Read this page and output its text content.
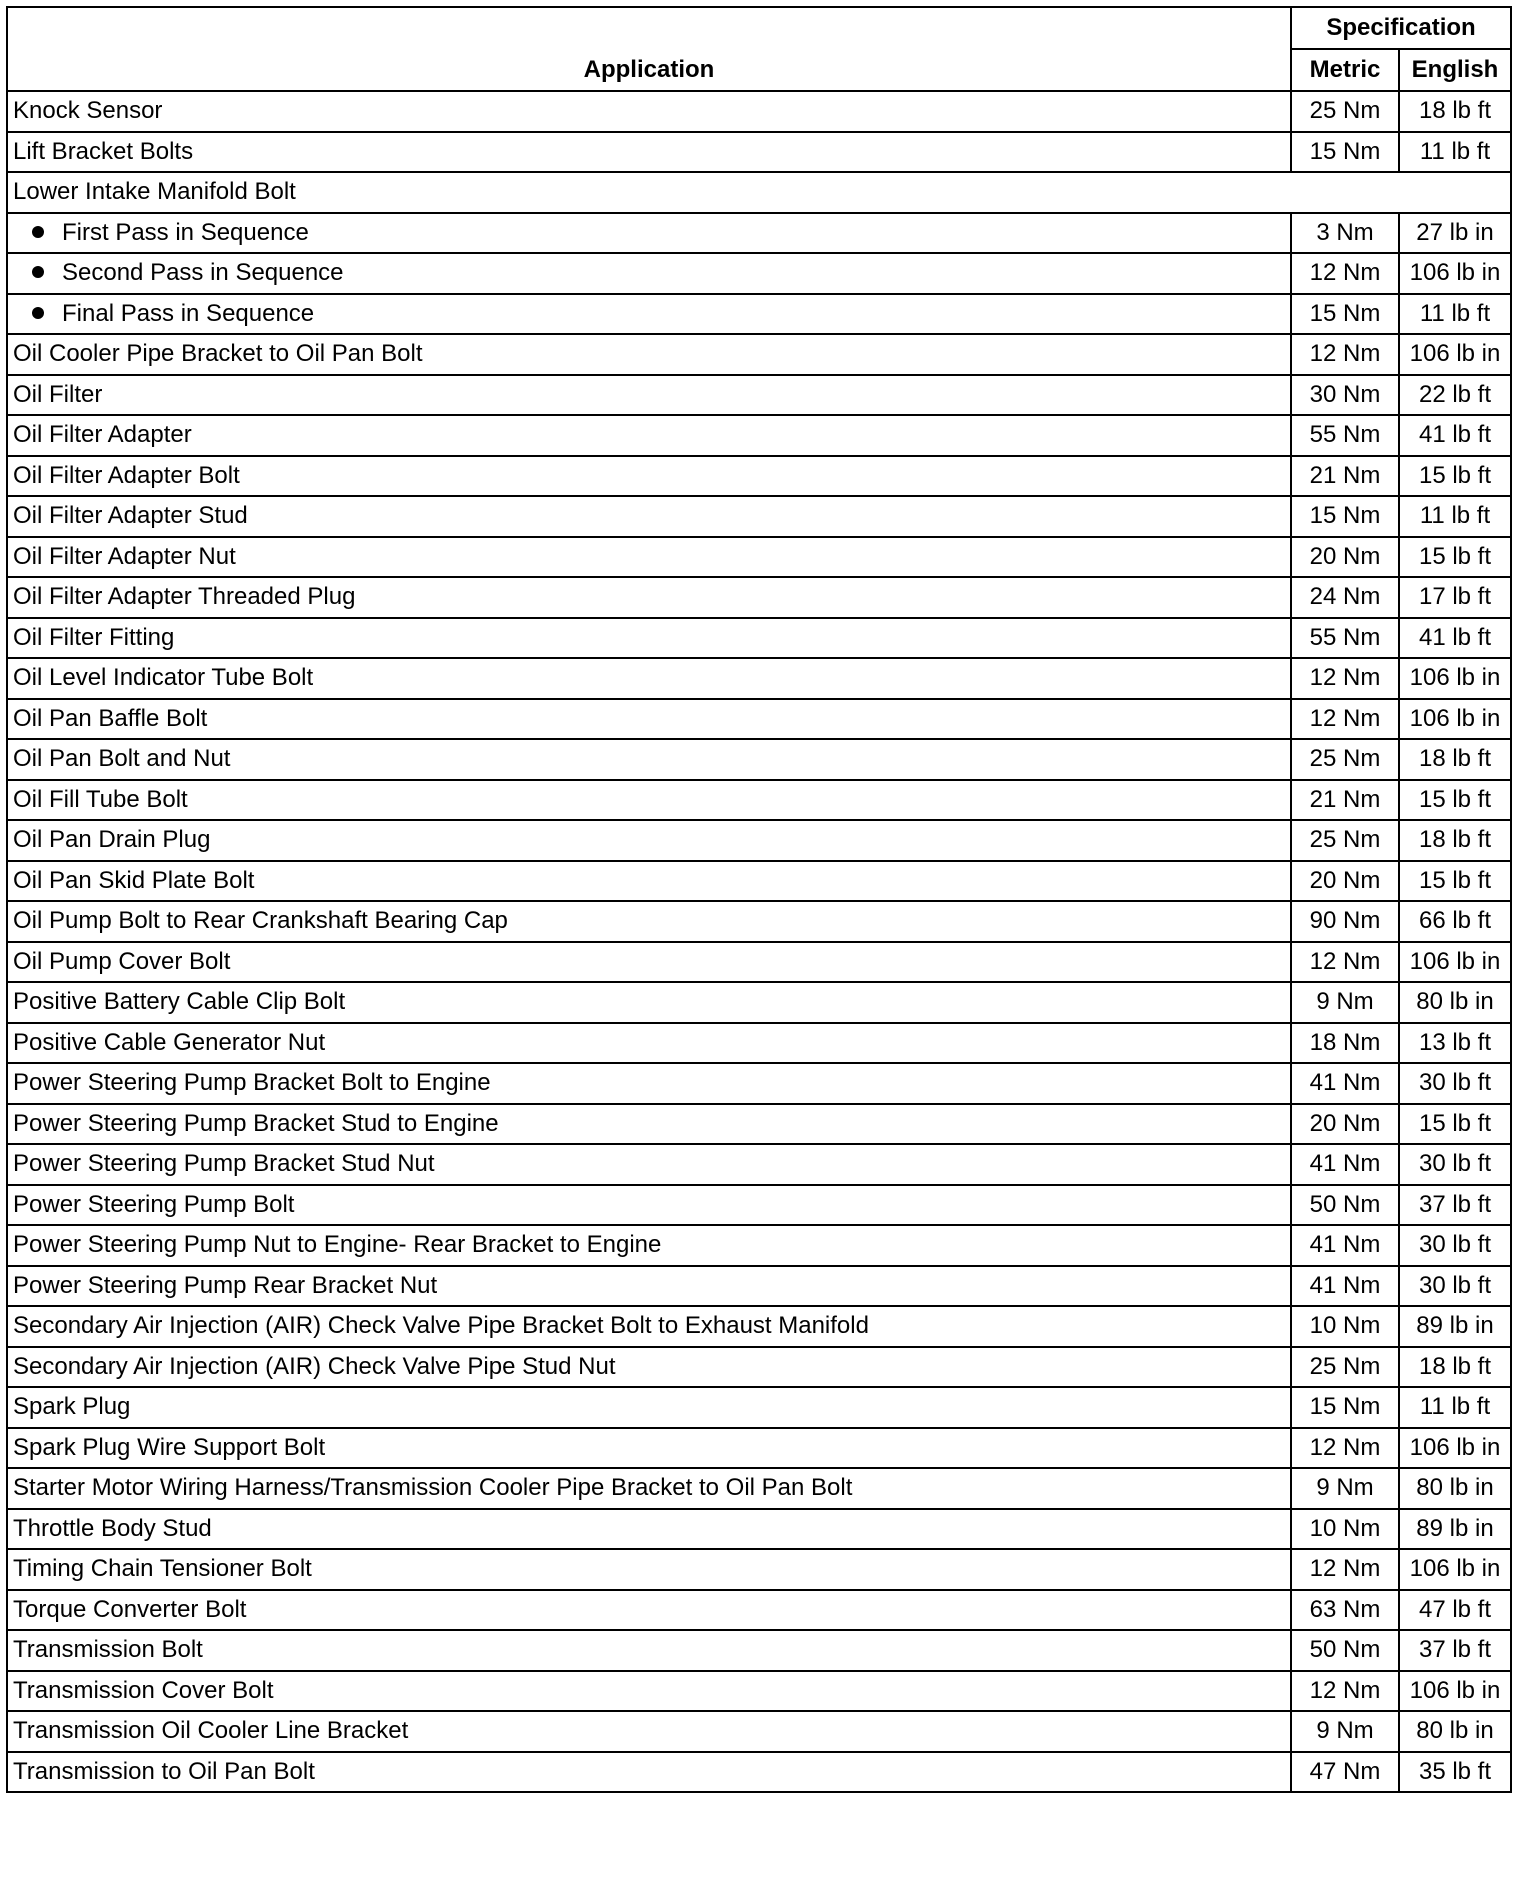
Application	Specification	
	Metric	English
Knock Sensor	25 Nm	18 lb ft
Lift Bracket Bolts	15 Nm	11 lb ft
Lower Intake Manifold Bolt		
First Pass in Sequence	3 Nm	27 lb in
Second Pass in Sequence	12 Nm	106 lb in
Final Pass in Sequence	15 Nm	11 lb ft
Oil Cooler Pipe Bracket to Oil Pan Bolt	12 Nm	106 lb in
Oil Filter	30 Nm	22 lb ft
Oil Filter Adapter	55 Nm	41 lb ft
Oil Filter Adapter Bolt	21 Nm	15 lb ft
Oil Filter Adapter Stud	15 Nm	11 lb ft
Oil Filter Adapter Nut	20 Nm	15 lb ft
Oil Filter Adapter Threaded Plug	24 Nm	17 lb ft
Oil Filter Fitting	55 Nm	41 lb ft
Oil Level Indicator Tube Bolt	12 Nm	106 lb in
Oil Pan Baffle Bolt	12 Nm	106 lb in
Oil Pan Bolt and Nut	25 Nm	18 lb ft
Oil Fill Tube Bolt	21 Nm	15 lb ft
Oil Pan Drain Plug	25 Nm	18 lb ft
Oil Pan Skid Plate Bolt	20 Nm	15 lb ft
Oil Pump Bolt to Rear Crankshaft Bearing Cap	90 Nm	66 lb ft
Oil Pump Cover Bolt	12 Nm	106 lb in
Positive Battery Cable Clip Bolt	9 Nm	80 lb in
Positive Cable Generator Nut	18 Nm	13 lb ft
Power Steering Pump Bracket Bolt to Engine	41 Nm	30 lb ft
Power Steering Pump Bracket Stud to Engine	20 Nm	15 lb ft
Power Steering Pump Bracket Stud Nut	41 Nm	30 lb ft
Power Steering Pump Bolt	50 Nm	37 lb ft
Power Steering Pump Nut to Engine- Rear Bracket to Engine	41 Nm	30 lb ft
Power Steering Pump Rear Bracket Nut	41 Nm	30 lb ft
Secondary Air Injection (AIR) Check Valve Pipe Bracket Bolt to Exhaust Manifold	10 Nm	89 lb in
Secondary Air Injection (AIR) Check Valve Pipe Stud Nut	25 Nm	18 lb ft
Spark Plug	15 Nm	11 lb ft
Spark Plug Wire Support Bolt	12 Nm	106 lb in
Starter Motor Wiring Harness/Transmission Cooler Pipe Bracket to Oil Pan Bolt	9 Nm	80 lb in
Throttle Body Stud	10 Nm	89 lb in
Timing Chain Tensioner Bolt	12 Nm	106 lb in
Torque Converter Bolt	63 Nm	47 lb ft
Transmission Bolt	50 Nm	37 lb ft
Transmission Cover Bolt	12 Nm	106 lb in
Transmission Oil Cooler Line Bracket	9 Nm	80 lb in
Transmission to Oil Pan Bolt	47 Nm	35 lb ft
